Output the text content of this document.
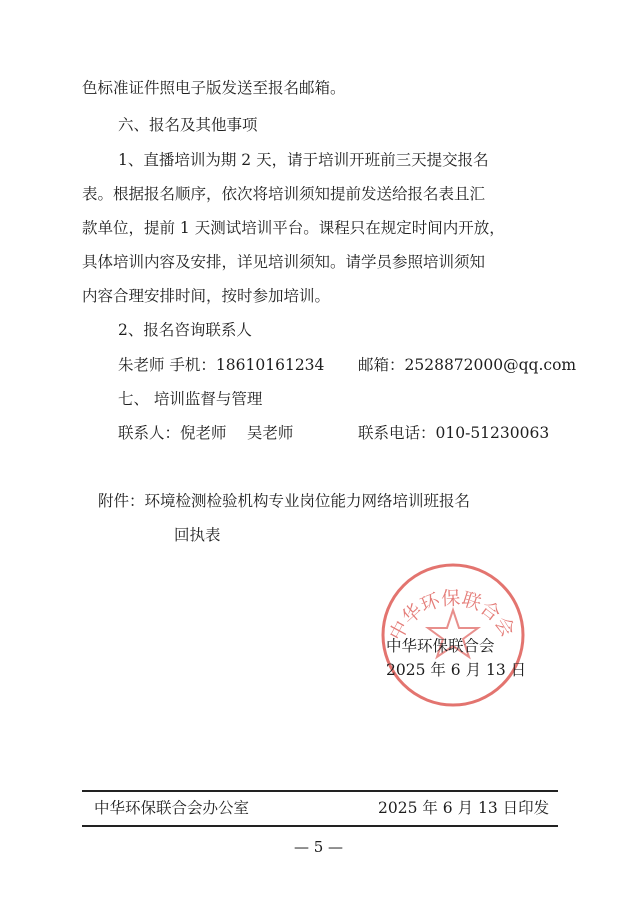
色标准证件照电子版发送至报名邮箱。
六、报名及其他事项
1、直播培训为期 2 天，请于培训开班前三天提交报名
表。根据报名顺序，依次将培训须知提前发送给报名表且汇
款单位，提前 1 天测试培训平台。课程只在规定时间内开放，
具体培训内容及安排，详见培训须知。请学员参照培训须知
内容合理安排时间，按时参加培训。
2、报名咨询联系人
朱老师 手机：18610161234 邮箱：2528872000@qq.com
七、 培训监督与管理
联系人：倪老师　 吴老师	联系电话：010-51230063
附件：环境检测检验机构专业岗位能力网络培训班报名
回执表
中华环保联合会
中华环保联合会
2025 年 6 月 13 日
中华环保联合会办公室	2025 年 6 月 13 日印发
— 5 —
